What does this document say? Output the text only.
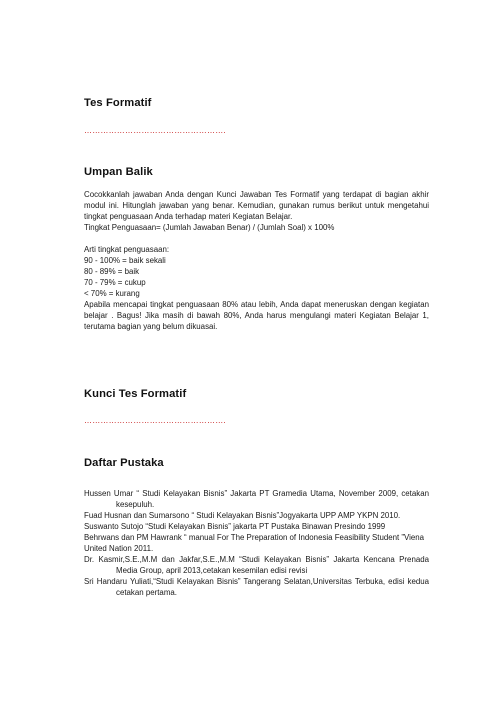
Tes Formatif
…………………………………………….
Umpan Balik

Cocokkanlah jawaban Anda dengan Kunci Jawaban Tes Formatif yang terdapat di bagian akhir modul ini. Hitunglah jawaban yang benar. Kemudian, gunakan rumus berikut untuk mengetahui tingkat penguasaan Anda terhadap materi Kegiatan Belajar.

Tingkat Penguasaan= (Jumlah Jawaban Benar) / (Jumlah Soal) x 100%

Arti tingkat penguasaan:

90 - 100% = baik sekali

80 - 89% = baik

70 - 79% = cukup

< 70% = kurang

Apabila mencapai tingkat penguasaan 80% atau lebih, Anda dapat meneruskan dengan kegiatan belajar . Bagus! Jika masih di bawah 80%, Anda harus mengulangi materi Kegiatan Belajar 1, terutama bagian yang belum dikuasai.

Kunci Tes Formatif
…………………………………………….
Daftar Pustaka

Hussen Umar “ Studi Kelayakan Bisnis” Jakarta PT Gramedia Utama, November 2009, cetakan kesepuluh.

Fuad Husnan dan Sumarsono “ Studi Kelayakan Bisnis”Jogyakarta UPP AMP YKPN 2010.

Suswanto Sutojo “Studi Kelayakan Bisnis” jakarta PT Pustaka Binawan Presindo 1999

Behrwans dan PM Hawrank “ manual For The Preparation of Indonesia Feasibility Student ”Viena United Nation 2011.

Dr. Kasmir,S.E.,M.M dan Jakfar,S.E.,M.M “Studi Kelayakan Bisnis” Jakarta Kencana Prenada Media Group, april 2013,cetakan kesemilan edisi revisi

Sri Handaru Yuliati,“Studi Kelayakan Bisnis” Tangerang Selatan,Universitas Terbuka, edisi kedua cetakan pertama.
